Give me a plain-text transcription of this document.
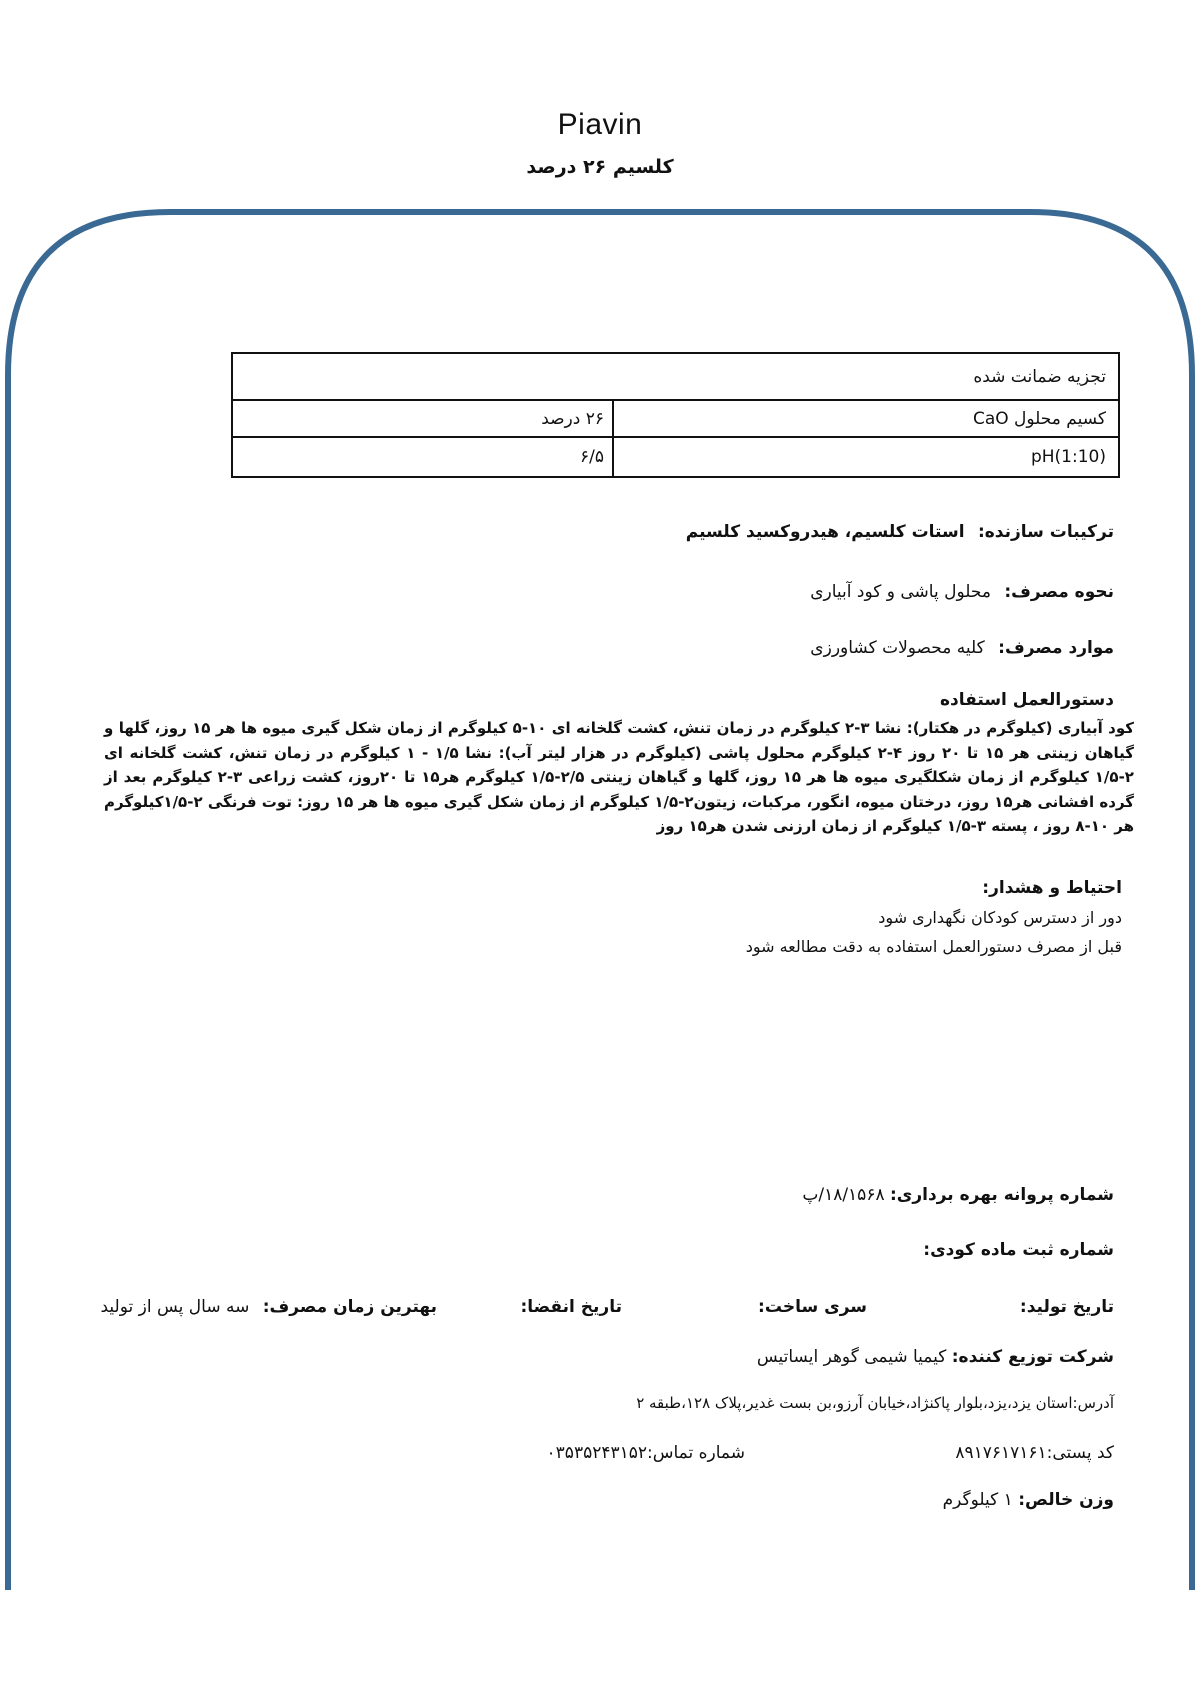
Piavin
کلسیم ۲۶ درصد
تجزیه ضمانت شده
کسیم محلول CaO
۲۶ درصد
(1:10)pH
۶/۵
ترکیبات سازنده: استات کلسیم، هیدروکسید کلسیم
نحوه مصرف: محلول پاشی و کود آبیاری
موارد مصرف: کلیه محصولات کشاورزی
دستورالعمل استفاده

کود آبیاری (کیلوگرم در هکتار): نشا ۳-۲ کیلوگرم در زمان تنش، کشت گلخانه ای ۱۰-۵ کیلوگرم از زمان شکل گیری میوه ها هر ۱۵ روز، گلها و گیاهان زینتی هر ۱۵ تا ۲۰ روز ۴-۲ کیلوگرم محلول پاشی (کیلوگرم در هزار لیتر آب): نشا ۱/۵ - ۱ کیلوگرم در زمان تنش، کشت گلخانه ای ۲-۱/۵ کیلوگرم از زمان شکلگیری میوه ها هر ۱۵ روز، گلها و گیاهان زینتی ۲/۵-۱/۵ کیلوگرم هر۱۵ تا ۲۰روز، کشت زراعی ۳-۲ کیلوگرم بعد از گرده افشانی هر۱۵ روز، درختان میوه، انگور، مرکبات، زیتون۲-۱/۵ کیلوگرم از زمان شکل گیری میوه ها هر ۱۵ روز: توت فرنگی ۲-۱/۵کیلوگرم هر ۱۰-۸ روز ، پسته ۳-۱/۵ کیلوگرم از زمان ارزنی شدن هر۱۵ روز

احتیاط و هشدار:
دور از دسترس کودکان نگهداری شود
قبل از مصرف دستورالعمل استفاده به دقت مطالعه شود
شماره پروانه بهره برداری: ۱۸/۱۵۶۸/پ
شماره ثبت ماده کودی:
تاریخ تولید:
سری ساخت:
تاریخ انقضا:
بهترین زمان مصرف: سه سال پس از تولید
شرکت توزیع کننده: کیمیا شیمی گوهر ایساتیس
آدرس:استان یزد،یزد،بلوار پاکنژاد،خیابان آرزو،بن بست غدیر،پلاک ۱۲۸،طبقه ۲
کد پستی:۸۹۱۷۶۱۷۱۶۱
شماره تماس:۰۳۵۳۵۲۴۳۱۵۲
وزن خالص: ۱ کیلوگرم
